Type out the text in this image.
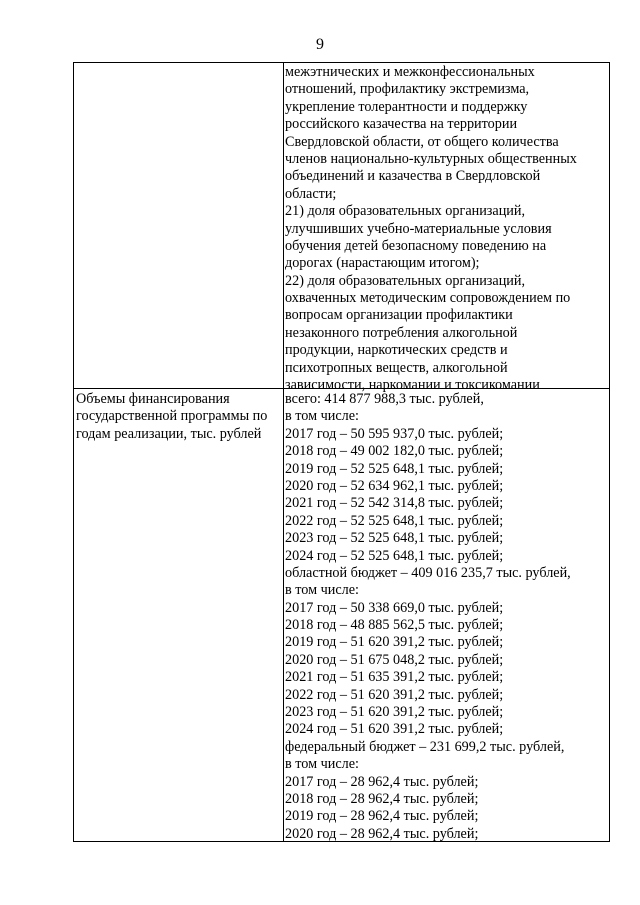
9
межэтнических и межконфессиональных
отношений, профилактику экстремизма,
укрепление толерантности и поддержку
российского казачества на территории
Свердловской области, от общего количества
членов национально-культурных общественных
объединений и казачества в Свердловской
области;
21) доля образовательных организаций,
улучшивших учебно-материальные условия
обучения детей безопасному поведению на
дорогах (нарастающим итогом);
22) доля образовательных организаций,
охваченных методическим сопровождением по
вопросам организации профилактики
незаконного потребления алкогольной
продукции, наркотических средств и
психотропных веществ, алкогольной
зависимости, наркомании и токсикомании
Объемы финансирования
государственной программы по
годам реализации, тыс. рублей
всего: 414 877 988,3 тыс. рублей,
в том числе:
2017 год – 50 595 937,0 тыс. рублей;
2018 год – 49 002 182,0 тыс. рублей;
2019 год – 52 525 648,1 тыс. рублей;
2020 год – 52 634 962,1 тыс. рублей;
2021 год – 52 542 314,8 тыс. рублей;
2022 год – 52 525 648,1 тыс. рублей;
2023 год – 52 525 648,1 тыс. рублей;
2024 год – 52 525 648,1 тыс. рублей;
областной бюджет – 409 016 235,7 тыс. рублей,
в том числе:
2017 год – 50 338 669,0 тыс. рублей;
2018 год – 48 885 562,5 тыс. рублей;
2019 год – 51 620 391,2 тыс. рублей;
2020 год – 51 675 048,2 тыс. рублей;
2021 год – 51 635 391,2 тыс. рублей;
2022 год – 51 620 391,2 тыс. рублей;
2023 год – 51 620 391,2 тыс. рублей;
2024 год – 51 620 391,2 тыс. рублей;
федеральный бюджет – 231 699,2 тыс. рублей,
в том числе:
2017 год – 28 962,4 тыс. рублей;
2018 год – 28 962,4 тыс. рублей;
2019 год – 28 962,4 тыс. рублей;
2020 год – 28 962,4 тыс. рублей;
